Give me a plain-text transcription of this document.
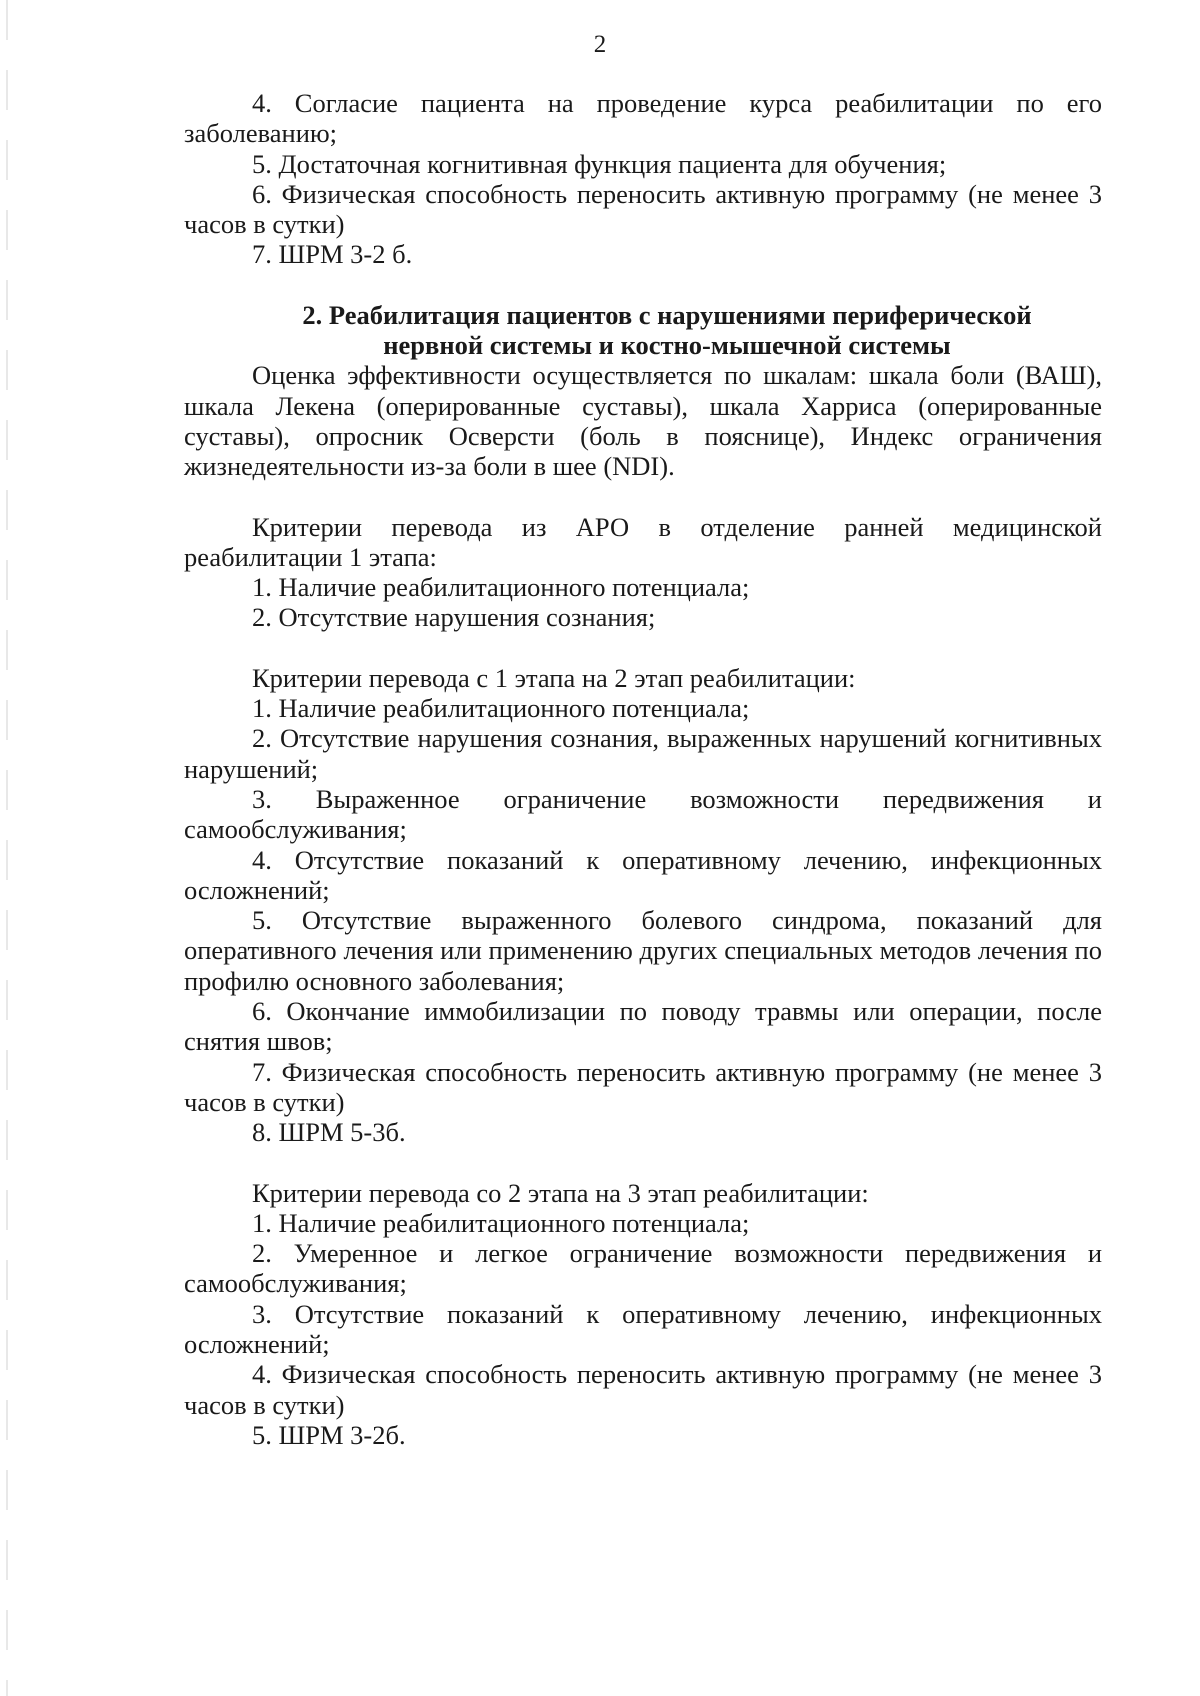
2

4. Согласие пациента на проведение курса реабилитации по его заболеванию;

5. Достаточная когнитивная функция пациента для обучения;

6. Физическая способность переносить активную программу (не менее 3 часов в сутки)

7. ШРМ 3-2 б.

2. Реабилитация пациентов с нарушениями периферической

нервной системы и костно-мышечной системы

Оценка эффективности осуществляется по шкалам: шкала боли (ВАШ), шкала Лекена (оперированные суставы), шкала Харриса (оперированные суставы), опросник Осверсти (боль в пояснице), Индекс ограничения жизнедеятельности из-за боли в шее (NDI).

Критерии перевода из АРО в отделение ранней медицинской реабилитации 1 этапа:

1. Наличие реабилитационного потенциала;

2. Отсутствие нарушения сознания;

Критерии перевода с 1 этапа на 2 этап реабилитации:

1. Наличие реабилитационного потенциала;

2. Отсутствие нарушения сознания, выраженных нарушений когнитивных нарушений;

3. Выраженное ограничение возможности передвижения и самообслуживания;

4. Отсутствие показаний к оперативному лечению, инфекционных осложнений;

5. Отсутствие выраженного болевого синдрома, показаний для оперативного лечения или применению других специальных методов лечения по профилю основного заболевания;

6. Окончание иммобилизации по поводу травмы или операции, после снятия швов;

7. Физическая способность переносить активную программу (не менее 3 часов в сутки)

8. ШРМ 5-3б.

Критерии перевода со 2 этапа на 3 этап реабилитации:

1. Наличие реабилитационного потенциала;

2. Умеренное и легкое ограничение возможности передвижения и самообслуживания;

3. Отсутствие показаний к оперативному лечению, инфекционных осложнений;

4. Физическая способность переносить активную программу (не менее 3 часов в сутки)

5. ШРМ 3-2б.
